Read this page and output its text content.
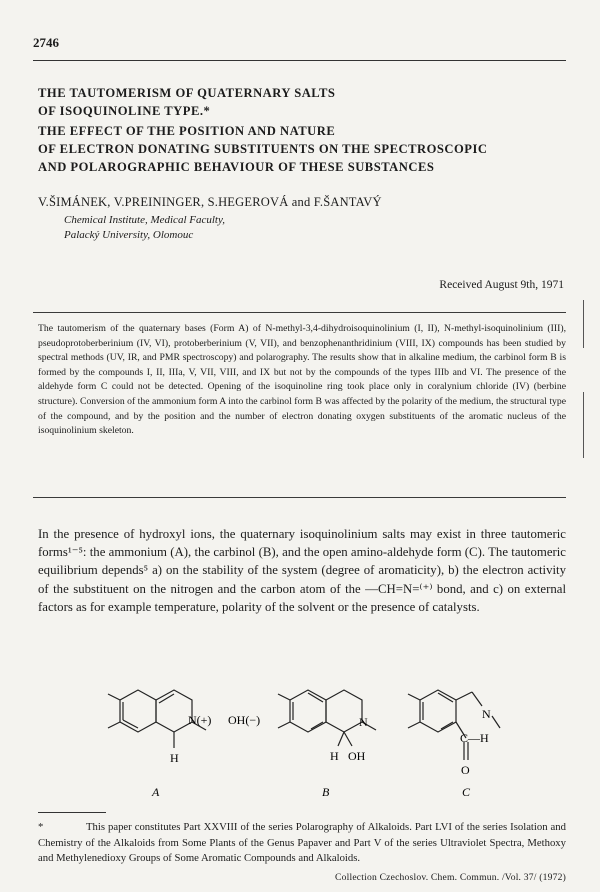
2746
THE TAUTOMERISM OF QUATERNARY SALTS
OF ISOQUINOLINE TYPE.*
THE EFFECT OF THE POSITION AND NATURE
OF ELECTRON DONATING SUBSTITUENTS ON THE SPECTROSCOPIC
AND POLAROGRAPHIC BEHAVIOUR OF THESE SUBSTANCES
V.ŠIMÁNEK, V.PREININGER, S.HEGEROVÁ and F.ŠANTAVÝ
Chemical Institute, Medical Faculty,
Palacký University, Olomouc
Received August 9th, 1971
The tautomerism of the quaternary bases (Form A) of N-methyl-3,4-dihydroisoquinolinium (I, II), N-methyl-isoquinolinium (III), pseudoprotoberberinium (IV, VI), protoberberinium (V, VII), and benzophenanthridinium (VIII, IX) compounds has been studied by spectral methods (UV, IR, and PMR spectroscopy) and polarography. The results show that in alkaline medium, the carbinol form B is formed by the compounds I, II, IIIa, V, VII, VIII, and IX but not by the compounds of the types IIIb and VI. The presence of the aldehyde form C could not be detected. Opening of the isoquinoline ring took place only in coralynium chloride (IV) (berbine structure). Conversion of the ammonium form A into the carbinol form B was affected by the polarity of the medium, the structural type of the compound, and by the position and the number of electron donating oxygen substituents of the aromatic nucleus of the isoquinolinium skeleton.
In the presence of hydroxyl ions, the quaternary isoquinolinium salts may exist in three tautomeric forms¹⁻⁵: the ammonium (A), the carbinol (B), and the open amino-aldehyde form (C). The tautomeric equilibrium depends⁵ a) on the stability of the system (degree of aromaticity), b) the electron activity of the substituent on the nitrogen and the carbon atom of the —CH=N=⁽⁺⁾ bond, and c) on external factors as for example temperature, polarity of the solvent or the presence of catalysts.
N(+)
H
OH(−)
A
N
H OH
B
N
C—H
O
C
*	This paper constitutes Part XXVIII of the series Polarography of Alkaloids. Part LVI of the series Isolation and Chemistry of the Alkaloids from Some Plants of the Genus Papaver and Part V of the series Ultraviolet Spectra, Methoxy and Methylenedioxy Groups of Some Aromatic Compounds and Alkaloids.
Collection Czechoslov. Chem. Commun. /Vol. 37/ (1972)
